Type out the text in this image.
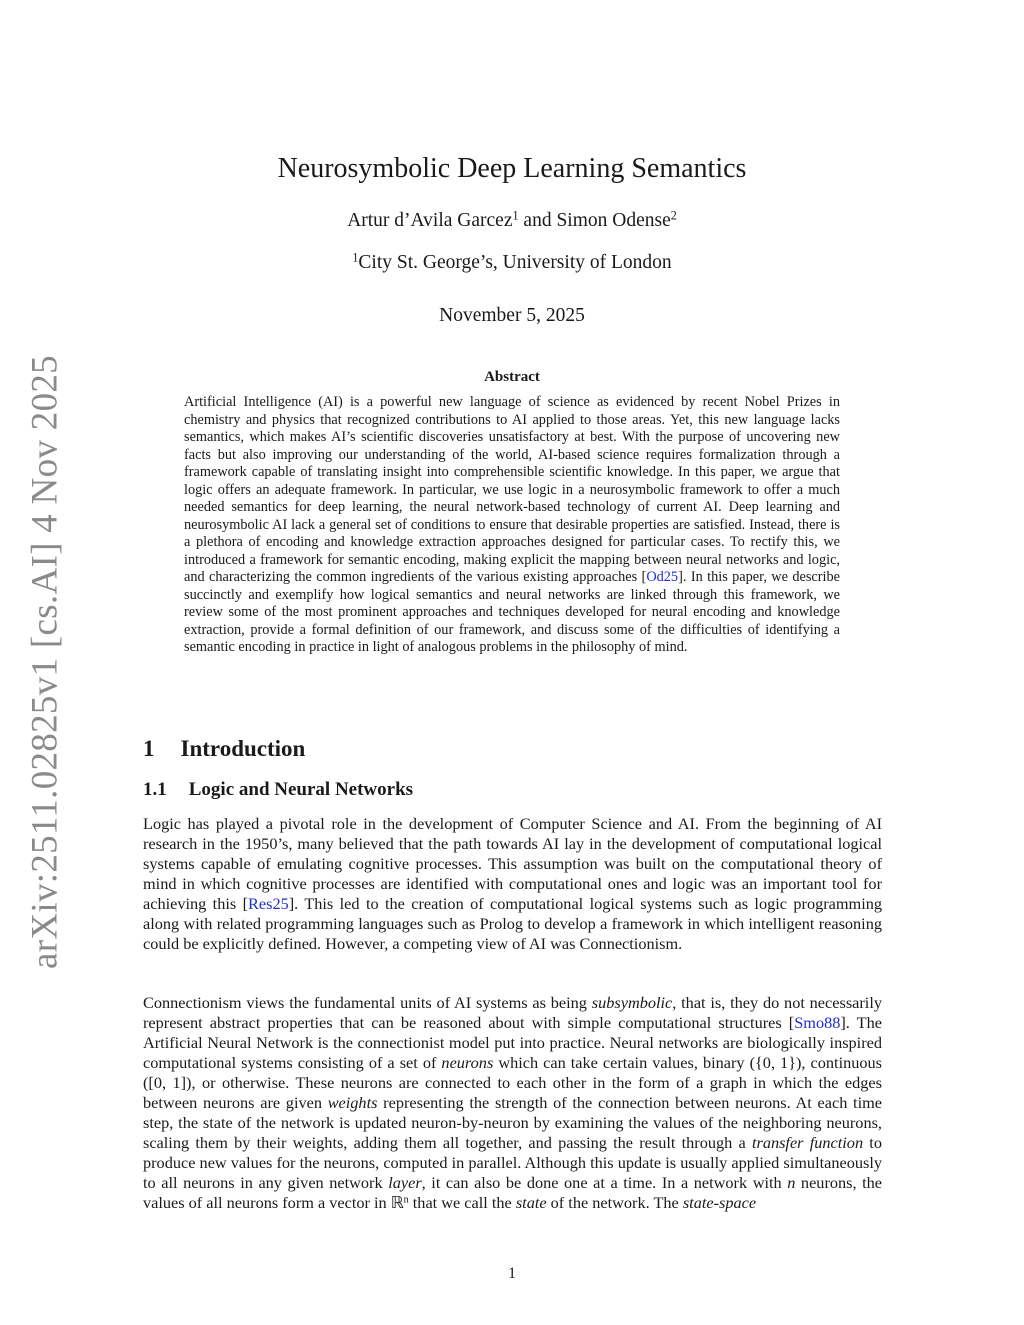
arXiv:2511.02825v1 [cs.AI] 4 Nov 2025
Neurosymbolic Deep Learning Semantics
Artur d’Avila Garcez$^1$ and Simon Odense$^2$
$^1$City St. George’s, University of London
November 5, 2025
Abstract
Artificial Intelligence (AI) is a powerful new language of science as evidenced by recent Nobel Prizes in chemistry and physics that recognized contributions to AI applied to those areas. Yet, this new language lacks semantics, which makes AI’s scientific discoveries unsatisfactory at best. With the purpose of uncovering new facts but also improving our understanding of the world, AI-based science requires formalization through a framework capable of translating insight into comprehensible scientific knowledge. In this paper, we argue that logic offers an adequate framework. In particular, we use logic in a neurosymbolic framework to offer a much needed semantics for deep learning, the neural network-based technology of current AI. Deep learning and neurosymbolic AI lack a general set of conditions to ensure that desirable properties are satisfied. Instead, there is a plethora of encoding and knowledge extraction approaches designed for particular cases. To rectify this, we introduced a framework for semantic encoding, making explicit the mapping between neural networks and logic, and characterizing the common ingredients of the various existing approaches [Od25]. In this paper, we describe succinctly and exemplify how logical semantics and neural networks are linked through this framework, we review some of the most prominent approaches and techniques developed for neural encoding and knowledge extraction, provide a formal definition of our framework, and discuss some of the difficulties of identifying a semantic encoding in practice in light of analogous problems in the philosophy of mind.
1 Introduction
1.1 Logic and Neural Networks
Logic has played a pivotal role in the development of Computer Science and AI. From the beginning of AI research in the 1950’s, many believed that the path towards AI lay in the development of computational logical systems capable of emulating cognitive processes. This assumption was built on the computational theory of mind in which cognitive processes are identified with computational ones and logic was an important tool for achieving this [Res25]. This led to the creation of computational logical systems such as logic programming along with related programming languages such as Prolog to develop a framework in which intelligent reasoning could be explicitly defined. However, a competing view of AI was Connectionism.
Connectionism views the fundamental units of AI systems as being subsymbolic, that is, they do not necessarily represent abstract properties that can be reasoned about with simple computational structures [Smo88]. The Artificial Neural Network is the connectionist model put into practice. Neural networks are biologically inspired computational systems consisting of a set of neurons which can take certain values, binary ({0, 1}), continuous ([0, 1]), or otherwise. These neurons are connected to each other in the form of a graph in which the edges between neurons are given weights representing the strength of the connection between neurons. At each time step, the state of the network is updated neuron-by-neuron by examining the values of the neighboring neurons, scaling them by their weights, adding them all together, and passing the result through a transfer function to produce new values for the neurons, computed in parallel. Although this update is usually applied simultaneously to all neurons in any given network layer, it can also be done one at a time. In a network with n neurons, the values of all neurons form a vector in ℝ$^n$ that we call the state of the network. The state-space
1
